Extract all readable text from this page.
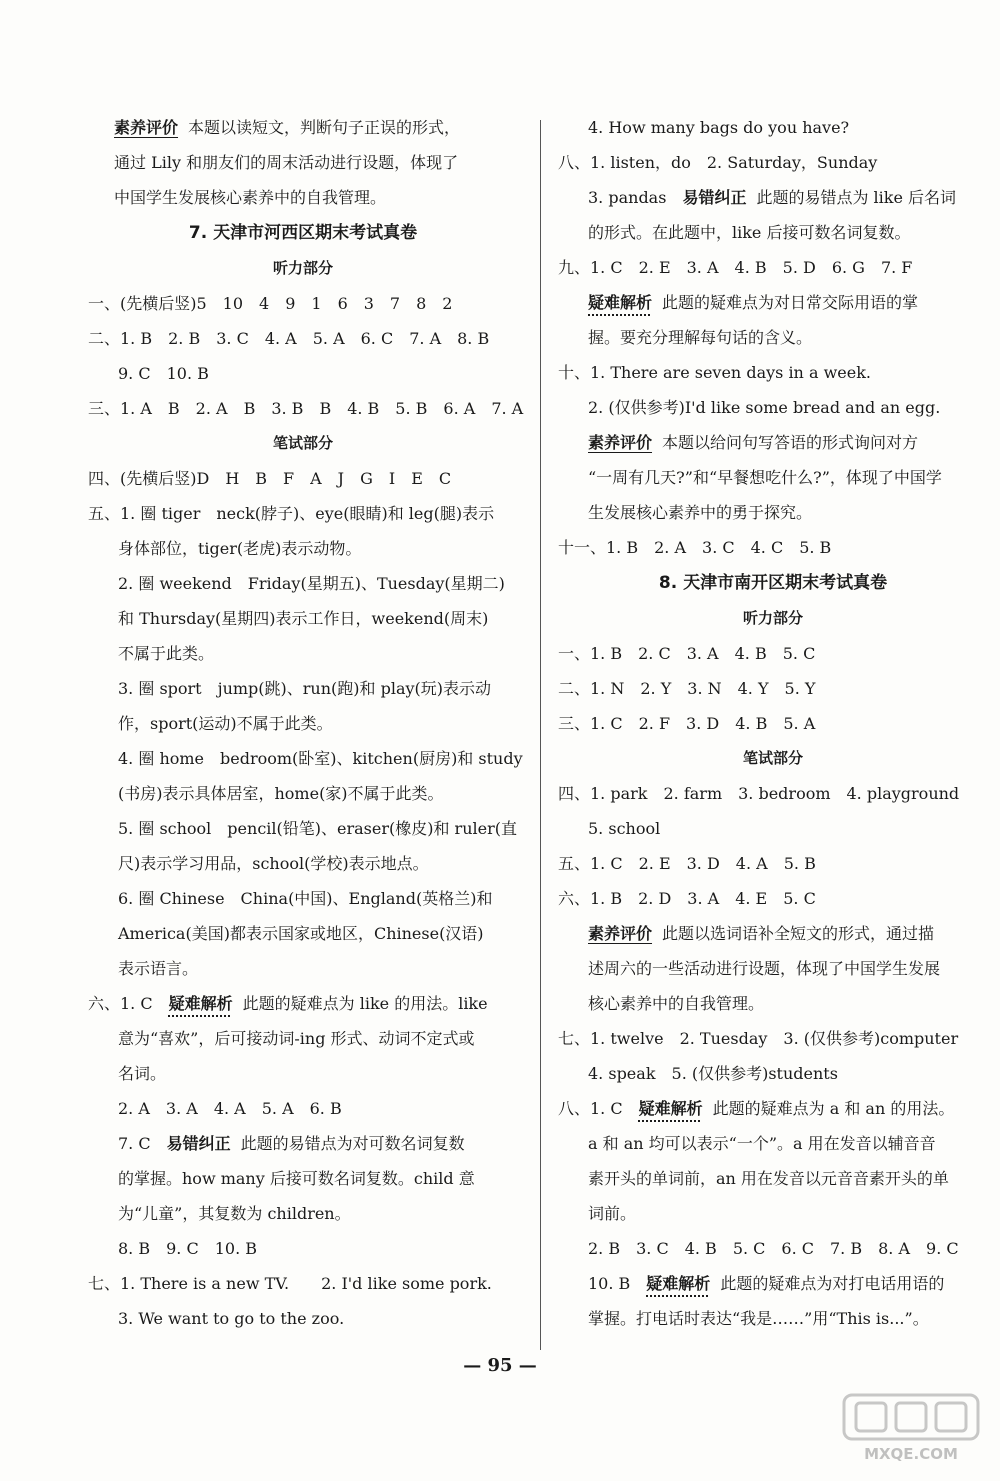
素养评价 本题以读短文，判断句子正误的形式，
通过 Lily 和朋友们的周末活动进行设题，体现了
中国学生发展核心素养中的自我管理。
7. 天津市河西区期末考试真卷
听力部分
一、(先横后竖)5　10　4　9　1　6　3　7　8　2
二、1. B　2. B　3. C　4. A　5. A　6. C　7. A　8. B
9. C　10. B
三、1. A　B　2. A　B　3. B　B　4. B　5. B　6. A　7. A
笔试部分
四、(先横后竖)D　H　B　F　A　J　G　I　E　C
五、1. 圈 tiger　neck(脖子)、eye(眼睛)和 leg(腿)表示
身体部位，tiger(老虎)表示动物。
2. 圈 weekend　Friday(星期五)、Tuesday(星期二)
和 Thursday(星期四)表示工作日，weekend(周末)
不属于此类。
3. 圈 sport　jump(跳)、run(跑)和 play(玩)表示动
作，sport(运动)不属于此类。
4. 圈 home　bedroom(卧室)、kitchen(厨房)和 study
(书房)表示具体居室，home(家)不属于此类。
5. 圈 school　pencil(铅笔)、eraser(橡皮)和 ruler(直
尺)表示学习用品，school(学校)表示地点。
6. 圈 Chinese　China(中国)、England(英格兰)和
America(美国)都表示国家或地区，Chinese(汉语)
表示语言。
六、1. C　疑难解析 此题的疑难点为 like 的用法。like
意为“喜欢”，后可接动词-ing 形式、动词不定式或
名词。
2. A　3. A　4. A　5. A　6. B
7. C　易错纠正 此题的易错点为对可数名词复数
的掌握。how many 后接可数名词复数。child 意
为“儿童”，其复数为 children。
8. B　9. C　10. B
七、1. There is a new TV.　　2. I'd like some pork.
3. We want to go to the zoo.
4. How many bags do you have?
八、1. listen，do　2. Saturday，Sunday
3. pandas　易错纠正 此题的易错点为 like 后名词
的形式。在此题中，like 后接可数名词复数。
九、1. C　2. E　3. A　4. B　5. D　6. G　7. F
疑难解析 此题的疑难点为对日常交际用语的掌
握。要充分理解每句话的含义。
十、1. There are seven days in a week.
2. (仅供参考)I'd like some bread and an egg.
素养评价 本题以给问句写答语的形式询问对方
“一周有几天?”和“早餐想吃什么?”，体现了中国学
生发展核心素养中的勇于探究。
十一、1. B　2. A　3. C　4. C　5. B
8. 天津市南开区期末考试真卷
听力部分
一、1. B　2. C　3. A　4. B　5. C
二、1. N　2. Y　3. N　4. Y　5. Y
三、1. C　2. F　3. D　4. B　5. A
笔试部分
四、1. park　2. farm　3. bedroom　4. playground
5. school
五、1. C　2. E　3. D　4. A　5. B
六、1. B　2. D　3. A　4. E　5. C
素养评价 此题以选词语补全短文的形式，通过描
述周六的一些活动进行设题，体现了中国学生发展
核心素养中的自我管理。
七、1. twelve　2. Tuesday　3. (仅供参考)computer
4. speak　5. (仅供参考)students
八、1. C　疑难解析 此题的疑难点为 a 和 an 的用法。
a 和 an 均可以表示“一个”。a 用在发音以辅音音
素开头的单词前，an 用在发音以元音音素开头的单
词前。
2. B　3. C　4. B　5. C　6. C　7. B　8. A　9. C
10. B　疑难解析 此题的疑难点为对打电话用语的
掌握。打电话时表达“我是……”用“This is...”。
— 95 —
MXQE.COM
